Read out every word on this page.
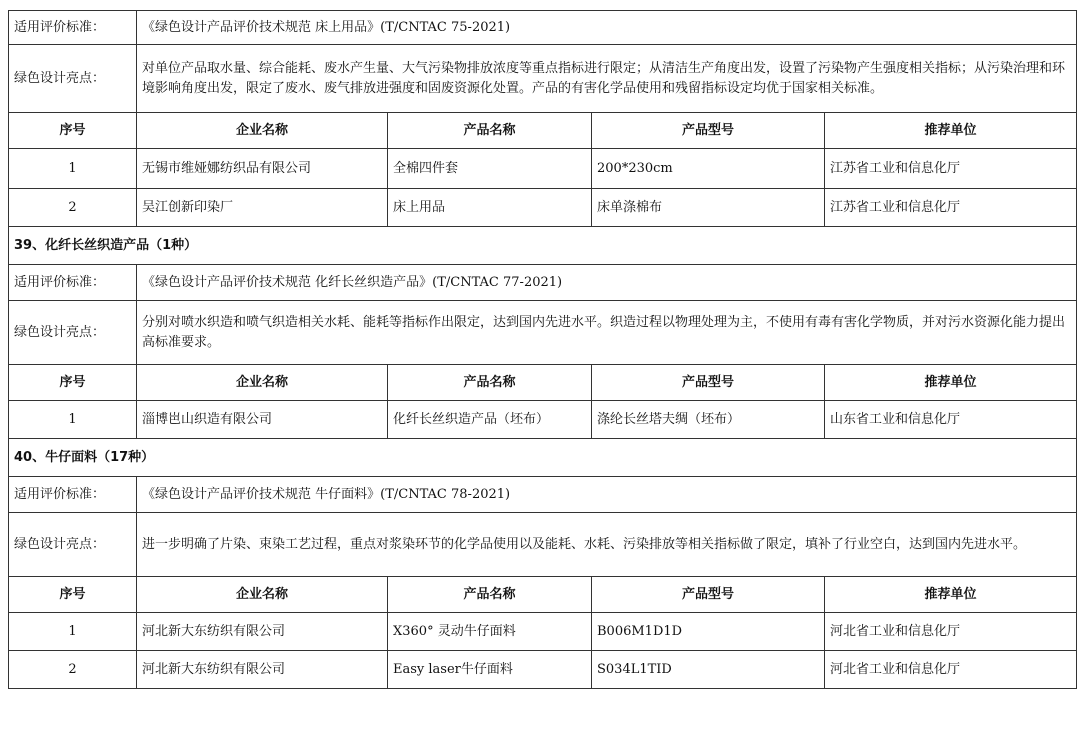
适用评价标准：	《绿色设计产品评价技术规范 床上用品》(T/CNTAC 75-2021)			
绿色设计亮点：	对单位产品取水量、综合能耗、废水产生量、大气污染物排放浓度等重点指标进行限定；从清洁生产角度出发，设置了污染物产生强度相关指标；从污染治理和环境影响角度出发，限定了废水、废气排放进强度和固废资源化处置。产品的有害化学品使用和残留指标设定均优于国家相关标准。			
序号	企业名称	产品名称	产品型号	推荐单位
1	无锡市维娅娜纺织品有限公司	全棉四件套	200*230cm	江苏省工业和信息化厅
2	吴江创新印染厂	床上用品	床单涤棉布	江苏省工业和信息化厅
39、化纤长丝织造产品（1种）				
适用评价标准：	《绿色设计产品评价技术规范 化纤长丝织造产品》(T/CNTAC 77-2021)			
绿色设计亮点：	分别对喷水织造和喷气织造相关水耗、能耗等指标作出限定，达到国内先进水平。织造过程以物理处理为主，不使用有毒有害化学物质，并对污水资源化能力提出高标准要求。			
序号	企业名称	产品名称	产品型号	推荐单位
1	淄博岜山织造有限公司	化纤长丝织造产品（坯布）	涤纶长丝塔夫绸（坯布）	山东省工业和信息化厅
40、牛仔面料（17种）				
适用评价标准：	《绿色设计产品评价技术规范 牛仔面料》(T/CNTAC 78-2021)			
绿色设计亮点：	进一步明确了片染、束染工艺过程，重点对浆染环节的化学品使用以及能耗、水耗、污染排放等相关指标做了限定，填补了行业空白，达到国内先进水平。			
序号	企业名称	产品名称	产品型号	推荐单位
1	河北新大东纺织有限公司	X360° 灵动牛仔面料	B006M1D1D	河北省工业和信息化厅
2	河北新大东纺织有限公司	Easy laser牛仔面料	S034L1TID	河北省工业和信息化厅
